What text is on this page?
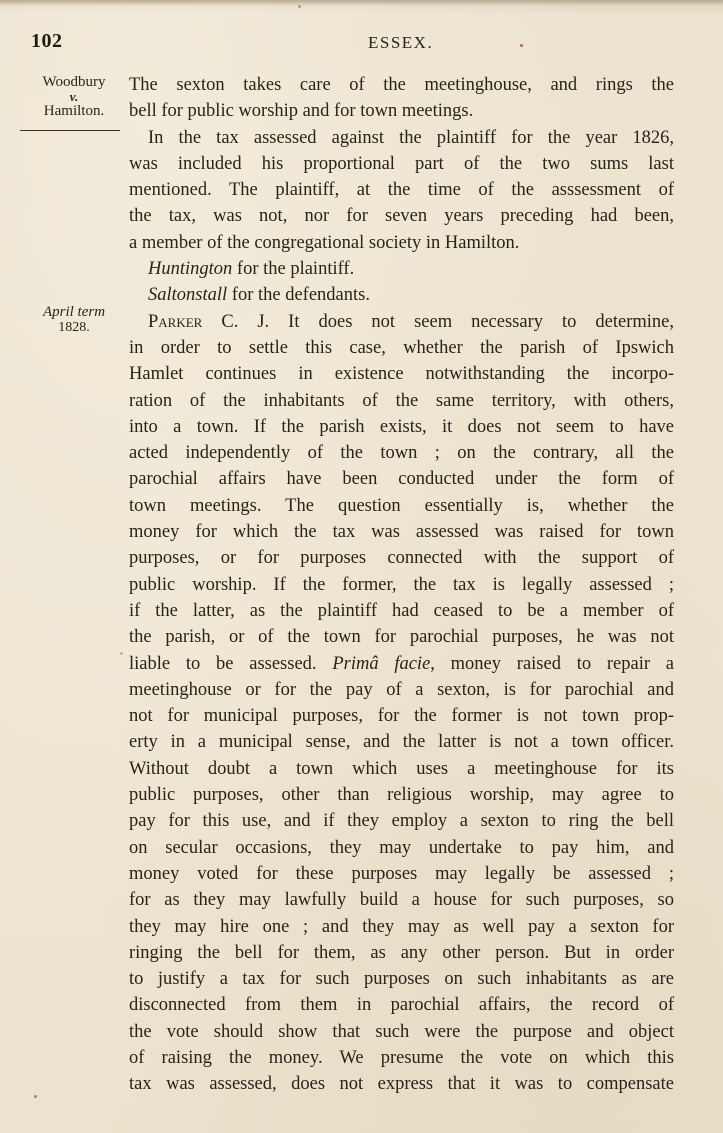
102	ESSEX.
Woodbury
v.
Hamilton.
April term
1828.
The sexton takes care of the meetinghouse, and rings the
bell for public worship and for town meetings.
In the tax assessed against the plaintiff for the year 1826,
was included his proportional part of the two sums last
mentioned. The plaintiff, at the time of the asssessment of
the tax, was not, nor for seven years preceding had been,
a member of the congregational society in Hamilton.
Huntington for the plaintiff.
Saltonstall for the defendants.
Parker C. J. It does not seem necessary to determine,
in order to settle this case, whether the parish of Ipswich
Hamlet continues in existence notwithstanding the incorpo-
ration of the inhabitants of the same territory, with others,
into a town. If the parish exists, it does not seem to have
acted independently of the town ; on the contrary, all the
parochial affairs have been conducted under the form of
town meetings. The question essentially is, whether the
money for which the tax was assessed was raised for town
purposes, or for purposes connected with the support of
public worship. If the former, the tax is legally assessed ;
if the latter, as the plaintiff had ceased to be a member of
the parish, or of the town for parochial purposes, he was not
liable to be assessed. Primâ facie, money raised to repair a
meetinghouse or for the pay of a sexton, is for parochial and
not for municipal purposes, for the former is not town prop-
erty in a municipal sense, and the latter is not a town officer.
Without doubt a town which uses a meetinghouse for its
public purposes, other than religious worship, may agree to
pay for this use, and if they employ a sexton to ring the bell
on secular occasions, they may undertake to pay him, and
money voted for these purposes may legally be assessed ;
for as they may lawfully build a house for such purposes, so
they may hire one ; and they may as well pay a sexton for
ringing the bell for them, as any other person. But in order
to justify a tax for such purposes on such inhabitants as are
disconnected from them in parochial affairs, the record of
the vote should show that such were the purpose and object
of raising the money. We presume the vote on which this
tax was assessed, does not express that it was to compensate
